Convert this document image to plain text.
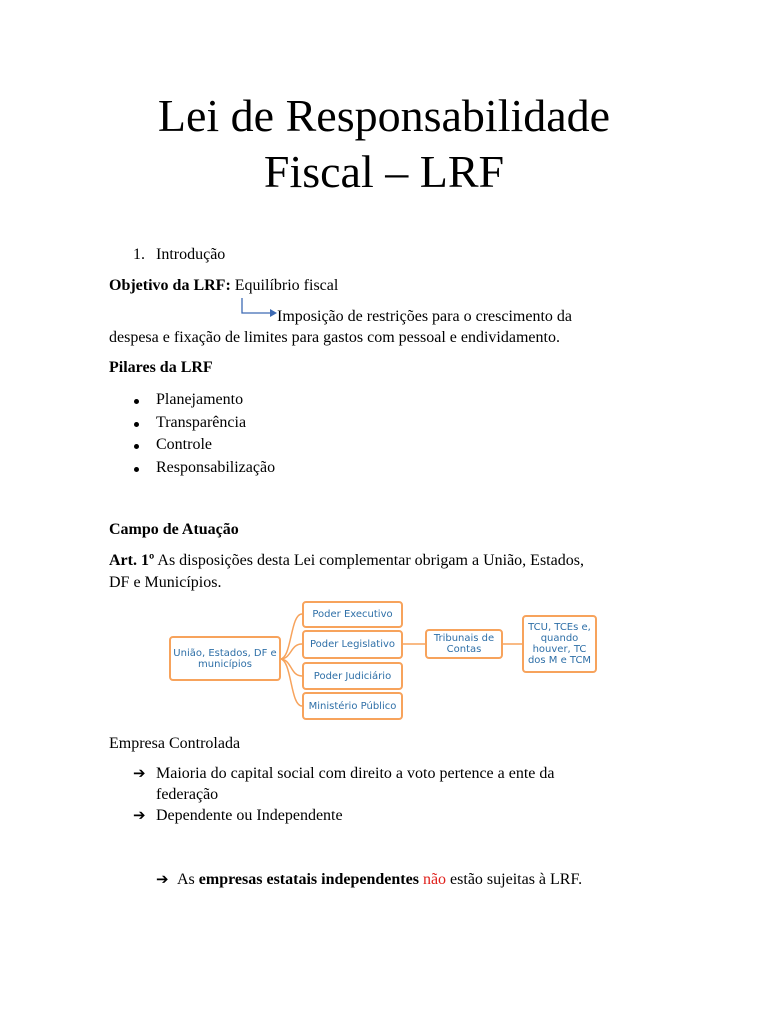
Lei de Responsabilidade
Fiscal – LRF
1. Introdução
Objetivo da LRF: Equilíbrio fiscal
Imposição de restrições para o crescimento da
despesa e fixação de limites para gastos com pessoal e endividamento.
Pilares da LRF
Planejamento
Transparência
Controle
Responsabilização
Campo de Atuação
Art. 1º As disposições desta Lei complementar obrigam a União, Estados,
DF e Municípios.
União, Estados, DF e municípios
Poder Executivo
Poder Legislativo
Poder Judiciário
Ministério Público
Tribunais de Contas
TCU, TCEs e, quando houver, TC dos M e TCM
Empresa Controlada
➔ Maioria do capital social com direito a voto pertence a ente da
federação
➔ Dependente ou Independente
➔ As empresas estatais independentes não estão sujeitas à LRF.
